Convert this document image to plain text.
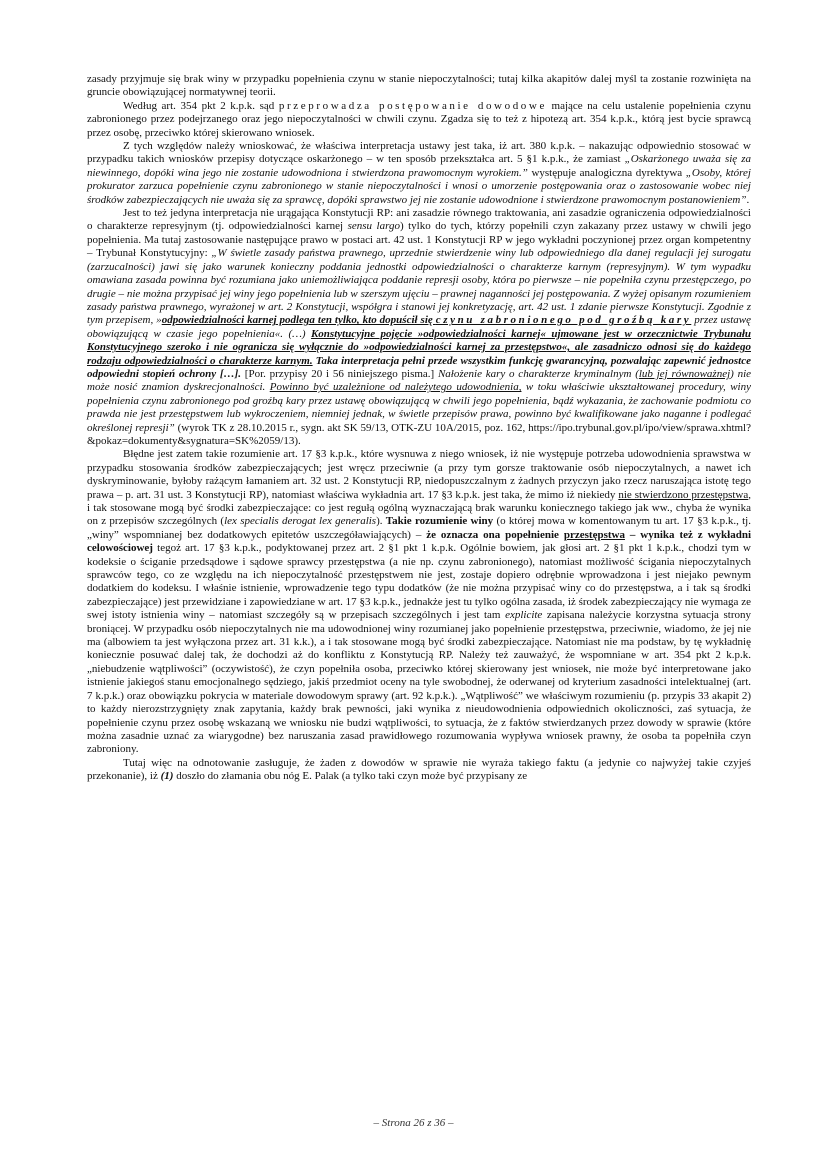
zasady przyjmuje się brak winy w przypadku popełnienia czynu w stanie niepoczytalności; tutaj kilka akapitów dalej myśl ta zostanie rozwinięta na gruncie obowiązującej normatywnej teorii.

Według art. 354 pkt 2 k.p.k. sąd przeprowadza postępowanie dowodowe mające na celu ustalenie popełnienia czynu zabronionego przez podejrzanego oraz jego niepoczytalności w chwili czynu. Zgadza się to też z hipotezą art. 354 k.p.k., którą jest bycie sprawcą przez osobę, przeciwko której skierowano wniosek.

Z tych względów należy wnioskować, że właściwa interpretacja ustawy jest taka, iż art. 380 k.p.k. – nakazując odpowiednio stosować w przypadku takich wniosków przepisy dotyczące oskarżonego – w ten sposób przekształca art. 5 §1 k.p.k., że zamiast „Oskarżonego uważa się za niewinnego, dopóki wina jego nie zostanie udowodniona i stwierdzona prawomocnym wyrokiem.” występuje analogiczna dyrektywa „Osoby, której prokurator zarzuca popełnienie czynu zabronionego w stanie niepoczytalności i wnosi o umorzenie postępowania oraz o zastosowanie wobec niej środków zabezpieczających nie uważa się za sprawcę, dopóki sprawstwo jej nie zostanie udowodnione i stwierdzone prawomocnym postanowieniem”.

Jest to też jedyna interpretacja nie urągająca Konstytucji RP: ani zasadzie równego traktowania, ani zasadzie ograniczenia odpowiedzialności o charakterze represyjnym (tj. odpowiedzialności karnej sensu largo) tylko do tych, którzy popełnili czyn zakazany przez ustawy w chwili jego popełnienia. Ma tutaj zastosowanie następujące prawo w postaci art. 42 ust. 1 Konstytucji RP w jego wykładni poczynionej przez organ kompetentny – Trybunał Konstytucyjny: „W świetle zasady państwa prawnego, uprzednie stwierdzenie winy lub odpowiedniego dla danej regulacji jej surogatu (zarzucalności) jawi się jako warunek konieczny poddania jednostki odpowiedzialności o charakterze karnym (represyjnym). W tym wypadku omawiana zasada powinna być rozumiana jako uniemożliwiająca poddanie represji osoby, która po pierwsze – nie popełniła czynu przestępczego, po drugie – nie można przypisać jej winy jego popełnienia lub w szerszym ujęciu – prawnej naganności jej postępowania. Z wyżej opisanym rozumieniem zasady państwa prawnego, wyrażonej w art. 2 Konstytucji, współgra i stanowi jej konkretyzację, art. 42 ust. 1 zdanie pierwsze Konstytucji. Zgodnie z tym przepisem, »odpowiedzialności karnej podlega ten tylko, kto dopuścił się czynu zabronionego pod groźbą kary przez ustawę obowiązującą w czasie jego popełnienia«. (…) Konstytucyjne pojęcie »odpowiedzialności karnej« ujmowane jest w orzecznictwie Trybunału Konstytucyjnego szeroko i nie ogranicza się wyłącznie do »odpowiedzialności karnej za przestępstwo«, ale zasadniczo odnosi się do każdego rodzaju odpowiedzialności o charakterze karnym. Taka interpretacja pełni przede wszystkim funkcję gwarancyjną, pozwalając zapewnić jednostce odpowiedni stopień ochrony […]. [Por. przypisy 20 i 56 niniejszego pisma.] Nałożenie kary o charakterze kryminalnym (lub jej równoważnej) nie może nosić znamion dyskrecjonalności. Powinno być uzależnione od należytego udowodnienia, w toku właściwie ukształtowanej procedury, winy popełnienia czynu zabronionego pod groźbą kary przez ustawę obowiązującą w chwili jego popełnienia, bądź wykazania, że zachowanie podmiotu co prawda nie jest przestępstwem lub wykroczeniem, niemniej jednak, w świetle przepisów prawa, powinno być kwalifikowane jako naganne i podlegać określonej represji” (wyrok TK z 28.10.2015 r., sygn. akt SK 59/13, OTK-ZU 10A/2015, poz. 162, https://ipo.trybunal.gov.pl/ipo/view/sprawa.xhtml?&pokaz=dokumenty&sygnatura=SK%2059/13).

Błędne jest zatem takie rozumienie art. 17 §3 k.p.k., które wysnuwa z niego wniosek, iż nie występuje potrzeba udowodnienia sprawstwa w przypadku stosowania środków zabezpieczających; jest wręcz przeciwnie (a przy tym gorsze traktowanie osób niepoczytalnych, a nawet ich dyskryminowanie, byłoby rażącym łamaniem art. 32 ust. 2 Konstytucji RP, niedopuszczalnym z żadnych przyczyn jako rzecz naruszająca istotę tego prawa – p. art. 31 ust. 3 Konstytucji RP), natomiast właściwa wykładnia art. 17 §3 k.p.k. jest taka, że mimo iż niekiedy nie stwierdzono przestępstwa, i tak stosowane mogą być środki zabezpieczające: co jest regułą ogólną wyznaczającą brak warunku koniecznego takiego jak ww., chyba że wynika on z przepisów szczególnych (lex specialis derogat lex generalis). Takie rozumienie winy (o której mowa w komentowanym tu art. 17 §3 k.p.k., tj. „winy” wspomnianej bez dodatkowych epitetów uszczegóławiających) – że oznacza ona popełnienie przestępstwa – wynika też z wykładni celowościowej tegoż art. 17 §3 k.p.k., podyktowanej przez art. 2 §1 pkt 1 k.p.k. Ogólnie bowiem, jak głosi art. 2 §1 pkt 1 k.p.k., chodzi tym w kodeksie o ściganie przedsądowe i sądowe sprawcy przestępstwa (a nie np. czynu zabronionego), natomiast możliwość ścigania niepoczytalnych sprawców tego, co ze względu na ich niepoczytalność przestępstwem nie jest, zostaje dopiero odrębnie wprowadzona i jest niejako pewnym dodatkiem do kodeksu. I właśnie istnienie, wprowadzenie tego typu dodatków (że nie można przypisać winy co do przestępstwa, a i tak są środki zabezpieczające) jest przewidziane i zapowiedziane w art. 17 §3 k.p.k., jednakże jest tu tylko ogólna zasada, iż środek zabezpieczający nie wymaga ze swej istoty istnienia winy – natomiast szczegóły są w przepisach szczególnych i jest tam explicite zapisana należycie korzystna sytuacja strony broniącej. W przypadku osób niepoczytalnych nie ma udowodnionej winy rozumianej jako popełnienie przestępstwa, przeciwnie, wiadomo, że jej nie ma (albowiem ta jest wyłączona przez art. 31 k.k.), a i tak stosowane mogą być środki zabezpieczające. Natomiast nie ma podstaw, by tę wykładnię koniecznie posuwać dalej tak, że dochodzi aż do konfliktu z Konstytucją RP. Należy też zauważyć, że wspomniane w art. 354 pkt 2 k.p.k. „niebudzenie wątpliwości” (oczywistość), że czyn popełniła osoba, przeciwko której skierowany jest wniosek, nie może być interpretowane jako istnienie jakiegoś stanu emocjonalnego sędziego, jakiś przedmiot oceny na tyle swobodnej, że oderwanej od kryterium zasadności intelektualnej (art. 7 k.p.k.) oraz obowiązku pokrycia w materiale dowodowym sprawy (art. 92 k.p.k.). „Wątpliwość” we właściwym rozumieniu (p. przypis 33 akapit 2) to każdy nierozstrzygnięty znak zapytania, każdy brak pewności, jaki wynika z nieudowodnienia odpowiednich okoliczności, zaś sytuacja, że popełnienie czynu przez osobę wskazaną we wniosku nie budzi wątpliwości, to sytuacja, że z faktów stwierdzanych przez dowody w sprawie (które można zasadnie uznać za wiarygodne) bez naruszania zasad prawidłowego rozumowania wypływa wniosek prawny, że osoba ta popełniła czyn zabroniony.

Tutaj więc na odnotowanie zasługuje, że żaden z dowodów w sprawie nie wyraża takiego faktu (a jedynie co najwyżej takie czyjeś przekonanie), iż (1) doszło do złamania obu nóg E. Palak (a tylko taki czyn może być przypisany ze

– Strona 26 z 36 –
